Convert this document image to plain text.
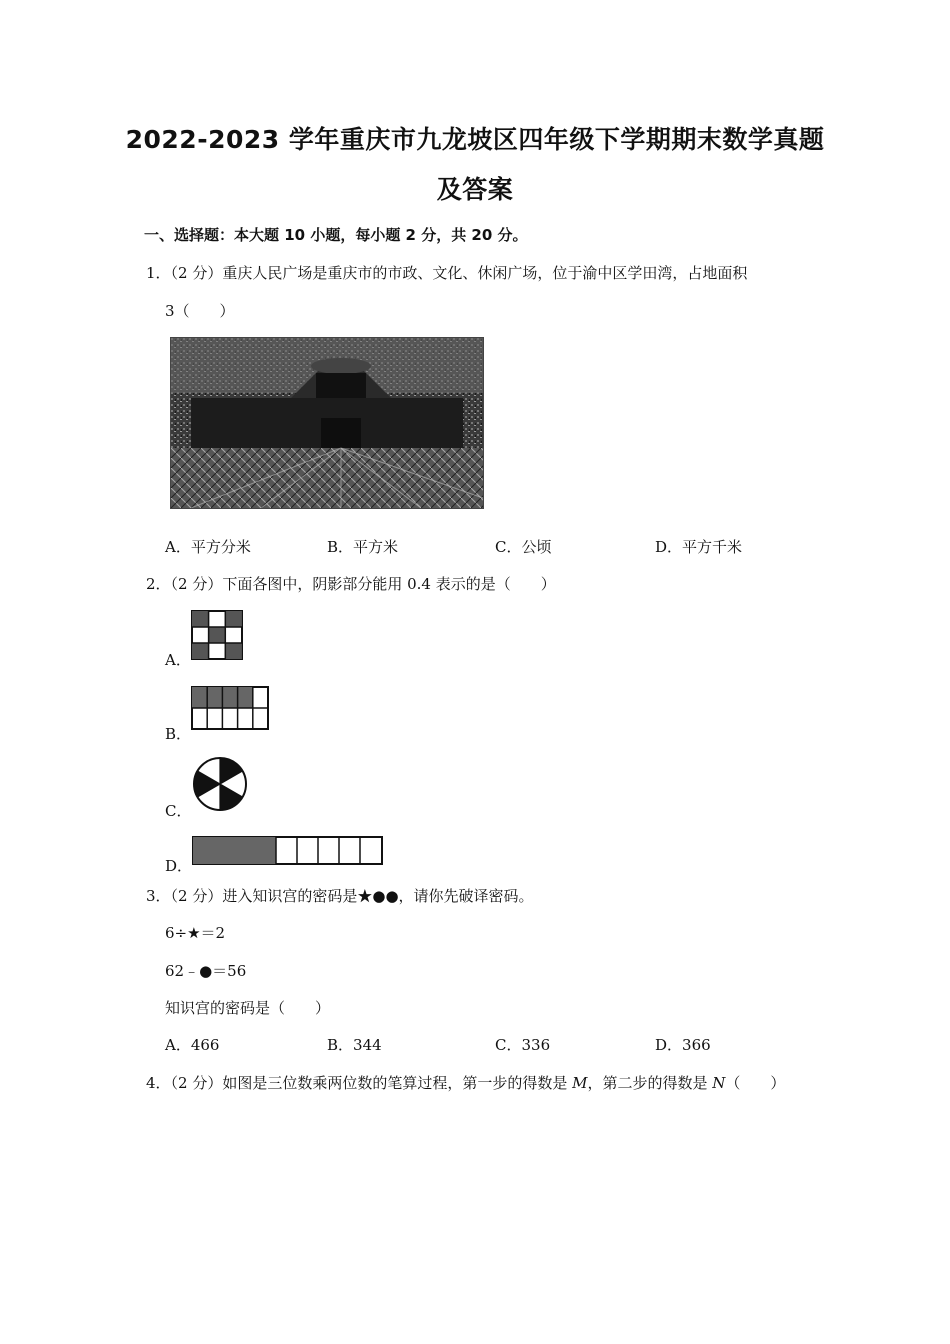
2022-2023 学年重庆市九龙坡区四年级下学期期末数学真题
及答案
一、选择题：本大题 10 小题，每小题 2 分，共 20 分。
1．（2 分）重庆人民广场是重庆市的市政、文化、休闲广场，位于渝中区学田湾，占地面积
3（　　）
A．平方分米	B．平方米	C．公顷	D．平方千米
2．（2 分）下面各图中，阴影部分能用 0.4 表示的是（　　）
A．
B．
C．
D．
3．（2 分）进入知识宫的密码是★●●，请你先破译密码。
6÷★＝2
62﹣●＝56
知识宫的密码是（　　）
A．466	B．344	C．336	D．366
4．（2 分）如图是三位数乘两位数的笔算过程，第一步的得数是 M，第二步的得数是 N（　　）
